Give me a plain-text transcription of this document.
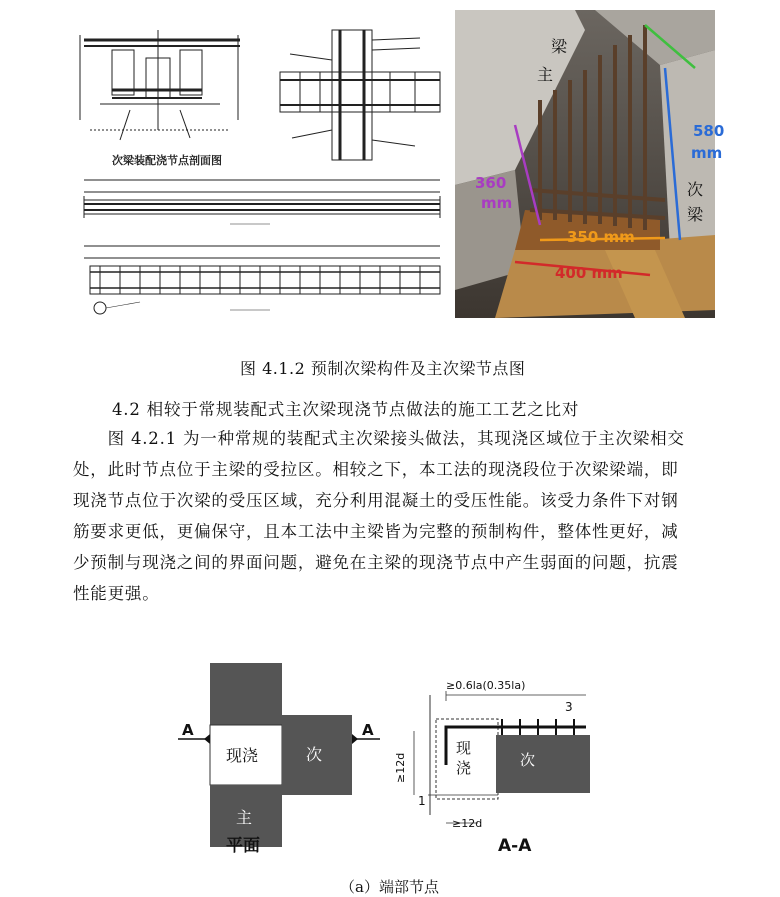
次梁装配浇节点剖面图
梁
主
次
梁
580
mm
360
mm
350 mm
400 mm
图 4.1.2 预制次梁构件及主次梁节点图
4.2 相较于常规装配式主次梁现浇节点做法的施工工艺之比对
　　图 4.2.1 为一种常规的装配式主次梁接头做法，其现浇区域位于主次梁相交
处，此时节点位于主梁的受拉区。相较之下，本工法的现浇段位于次梁梁端，即
现浇节点位于次梁的受压区域，充分利用混凝土的受压性能。该受力条件下对钢
筋要求更低，更偏保守，且本工法中主梁皆为完整的预制构件，整体性更好，减
少预制与现浇之间的界面问题，避免在主梁的现浇节点中产生弱面的问题，抗震
性能更强。
A	A
现浇	次
主
平面
≥0.6la(0.35la)
3
≥12d
1
≥12d
现
浇	次
A-A
（a）端部节点
